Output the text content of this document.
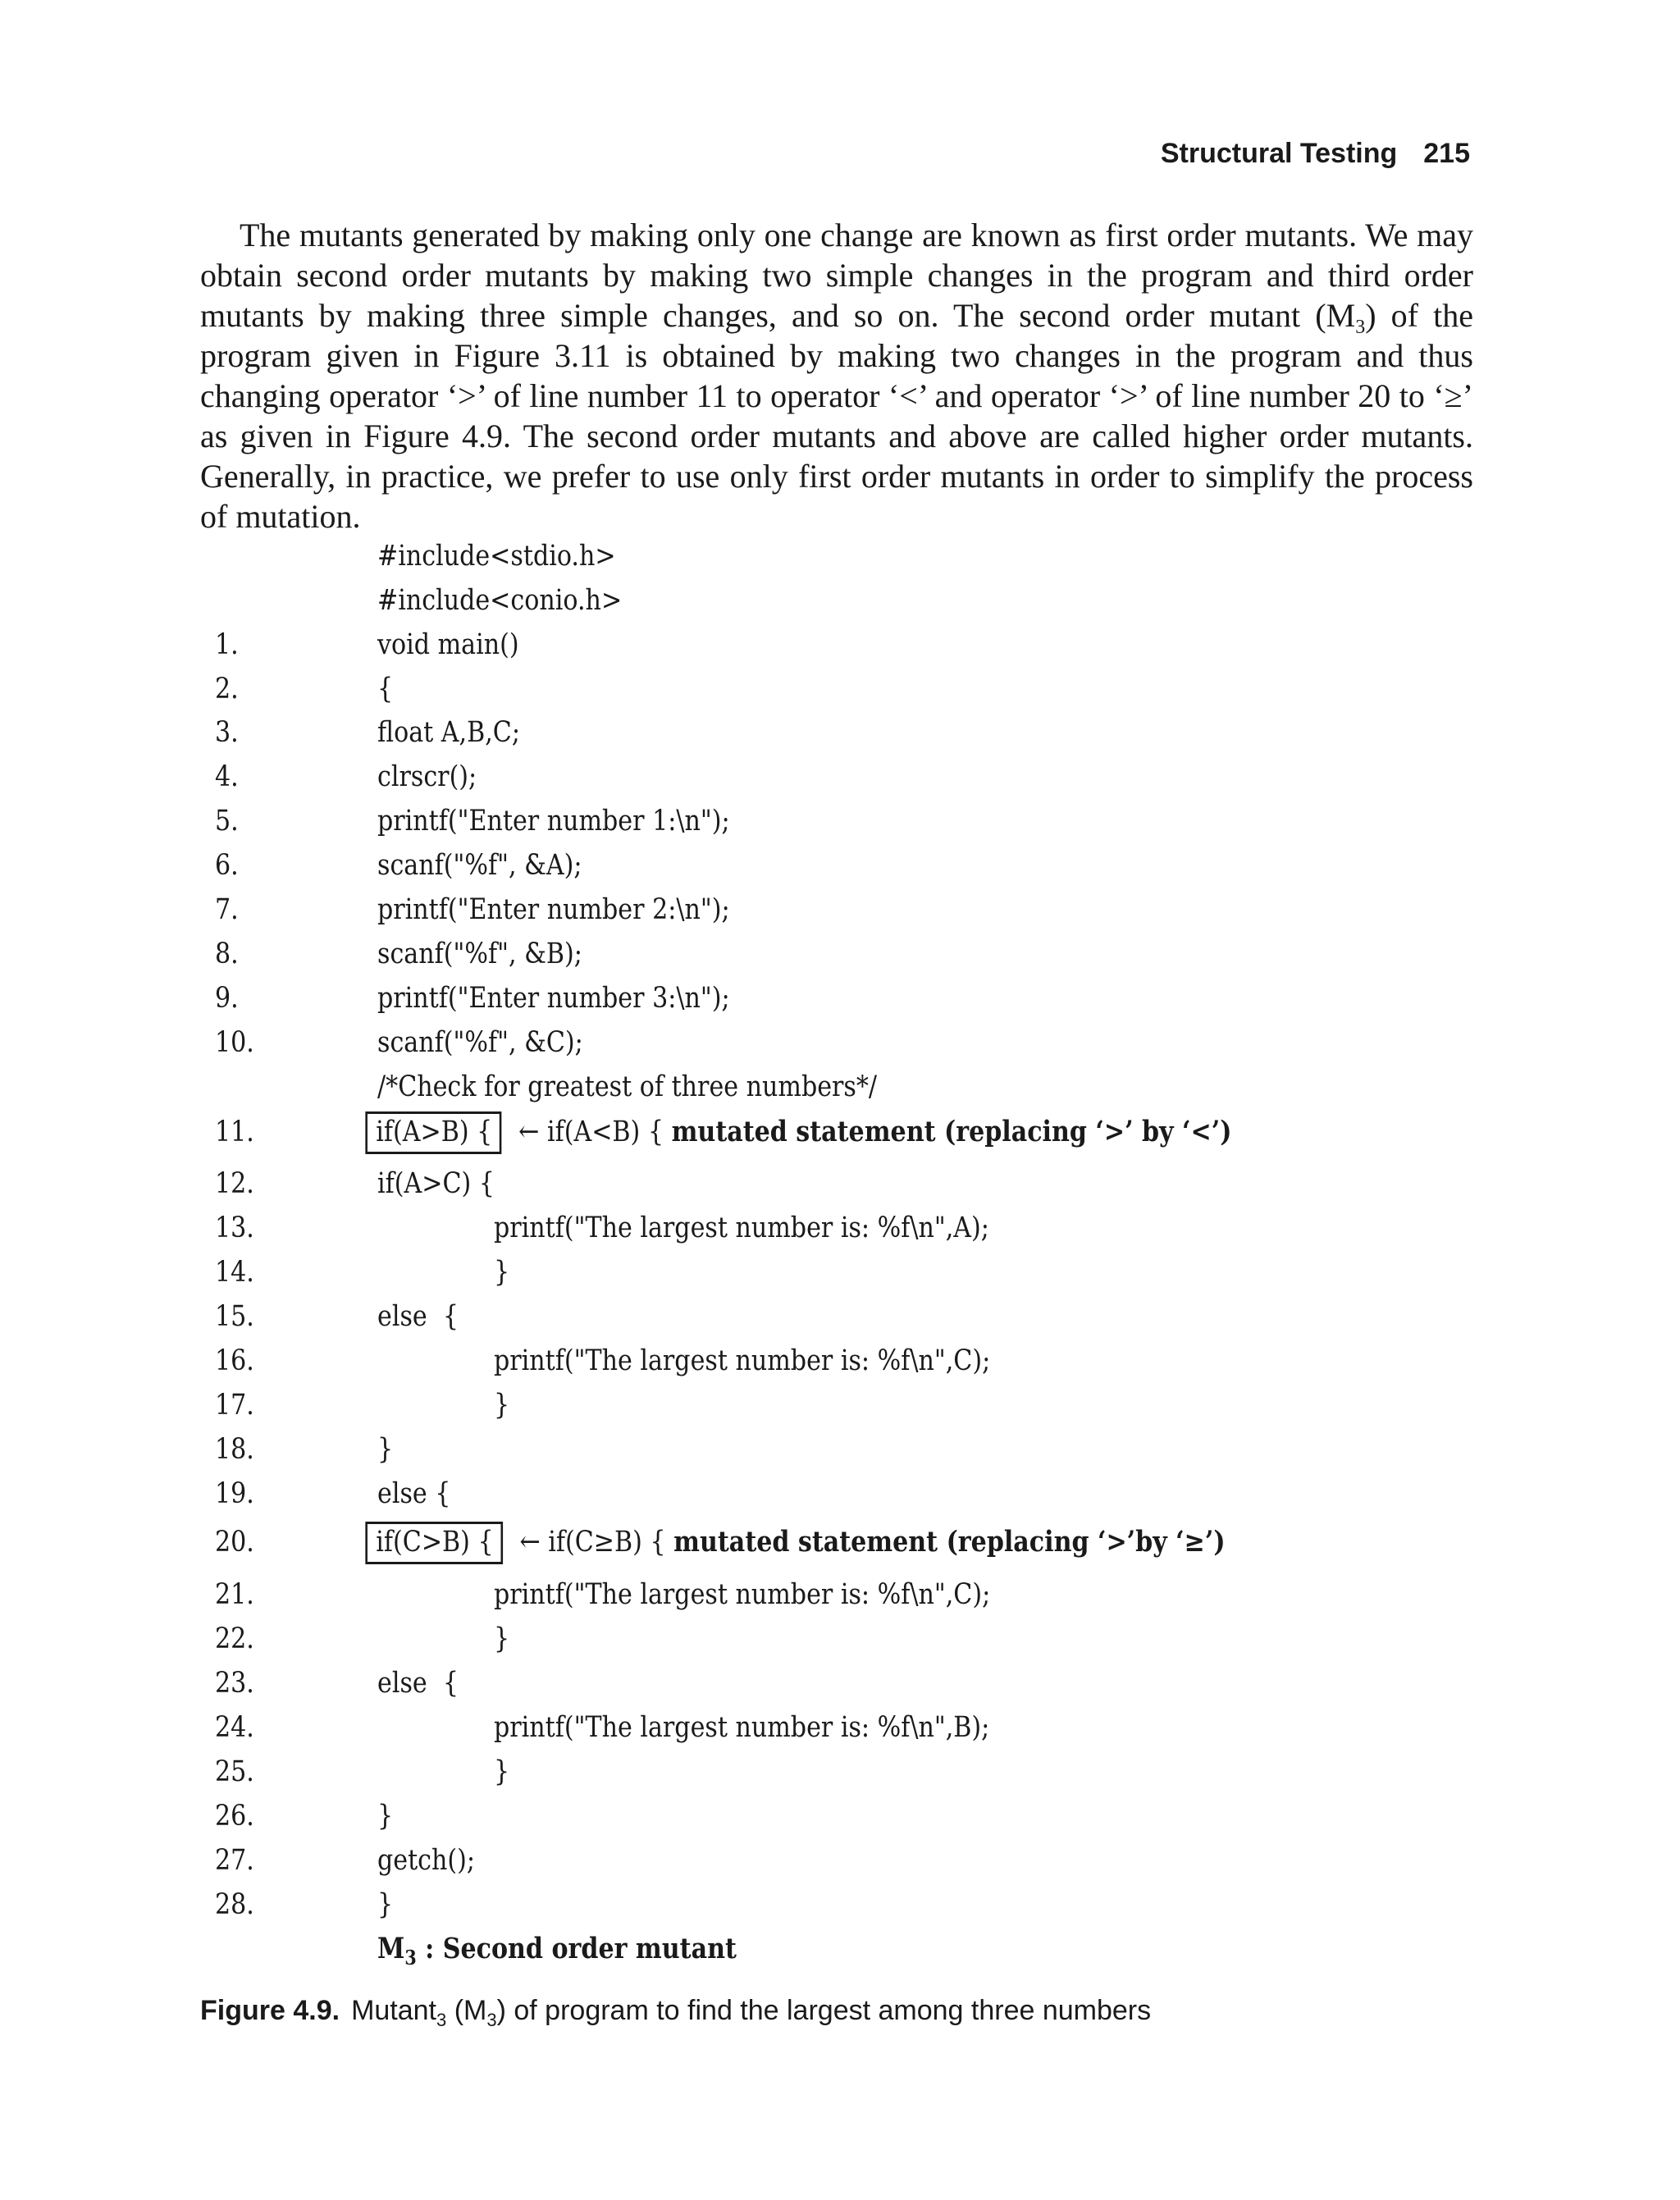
Structural Testing 215

The mutants generated by making only one change are known as first order mutants. We may obtain second order mutants by making two simple changes in the program and third order mutants by making three simple changes, and so on. The second order mutant $(M_3)$ of the program given in Figure 3.11 is obtained by making two changes in the program and thus changing operator ‘>’ of line number 11 to operator ‘<’ and operator ‘>’ of line number 20 to ‘≥’ as given in Figure 4.9. The second order mutants and above are called higher order mutants. Generally, in practice, we prefer to use only first order mutants in order to simplify the process of mutation.

#include<stdio.h>
#include<conio.h>
1.	void main()
2.	{
3.	float A,B,C;
4.	clrscr();
5.	printf("Enter number 1:\n");
6.	scanf("%f", &A);
7.	printf("Enter number 2:\n");
8.	scanf("%f", &B);
9.	printf("Enter number 3:\n");
10.	scanf("%f", &C);
/*Check for greatest of three numbers*/
11.	if(A>B) { ← if(A<B) { mutated statement (replacing ‘>’ by ‘<’)
12.	if(A>C) {
13.	printf("The largest number is: %f\n",A);
14.	}
15.	else  {
16.	printf("The largest number is: %f\n",C);
17.	}
18.	}
19.	else {
20.	if(C>B) { ← if(C≥B) { mutated statement (replacing ‘>’by ‘≥’)
21.	printf("The largest number is: %f\n",C);
22.	}
23.	else  {
24.	printf("The largest number is: %f\n",B);
25.	}
26.	}
27.	getch();
28.	}
$M_3$ : Second order mutant
Figure 4.9. Mutant$_3$ $(M_3)$ of program to find the largest among three numbers
